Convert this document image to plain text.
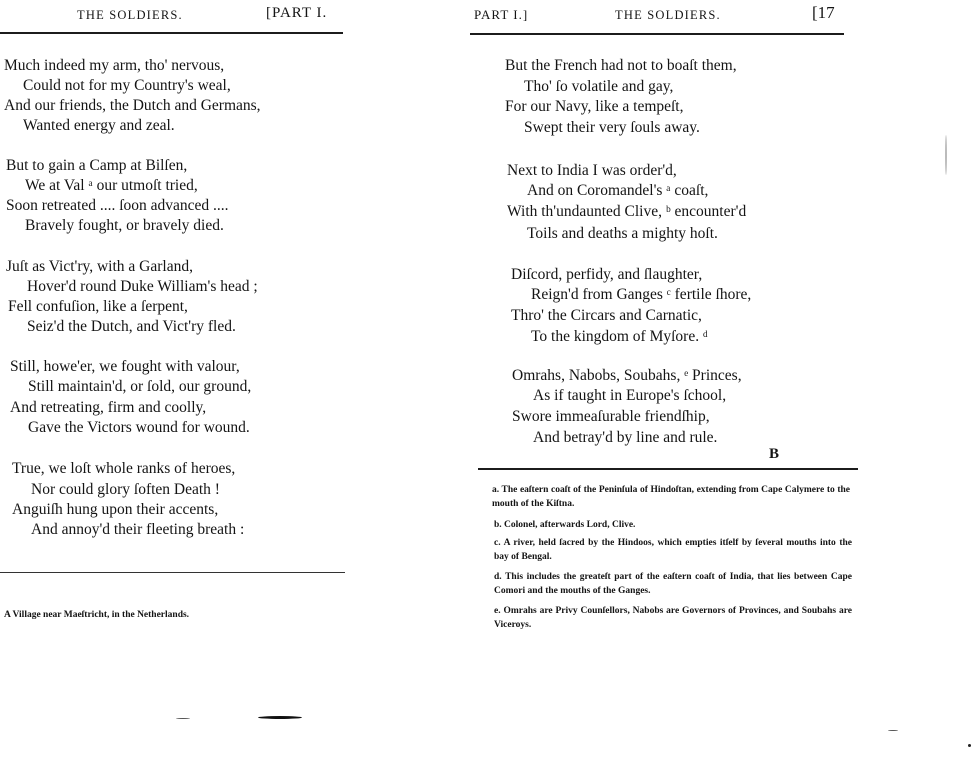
THE SOLDIERS.	[PART I.
Much indeed my arm, tho' nervous,
Could not for my Country's weal,
And our friends, the Dutch and Germans,
Wanted energy and zeal.
But to gain a Camp at Bilſen,
We at Val ᵃ our utmoſt tried,
Soon retreated .... ſoon advanced ....
Bravely fought, or bravely died.
Juſt as Vict'ry, with a Garland,
Hover'd round Duke William's head ;
Fell confuſion, like a ſerpent,
Seiz'd the Dutch, and Vict'ry fled.
Still, howe'er, we fought with valour,
Still maintain'd, or ſold, our ground,
And retreating, firm and coolly,
Gave the Victors wound for wound.
True, we loſt whole ranks of heroes,
Nor could glory ſoften Death !
Anguiſh hung upon their accents,
And annoy'd their fleeting breath :
A Village near Maeſtricht, in the Netherlands.
PART I.]	THE SOLDIERS.	[17
But the French had not to boaſt them,
Tho' ſo volatile and gay,
For our Navy, like a tempeſt,
Swept their very ſouls away.
Next to India I was order'd,
And on Coromandel's ᵃ coaſt,
With th'undaunted Clive, ᵇ encounter'd
Toils and deaths a mighty hoſt.
Diſcord, perfidy, and ſlaughter,
Reign'd from Ganges ᶜ fertile ſhore,
Thro' the Circars and Carnatic,
To the kingdom of Myſore. ᵈ
Omrahs, Nabobs, Soubahs, ᵉ Princes,
As if taught in Europe's ſchool,
Swore immeaſurable friendſhip,
And betray'd by line and rule.
B
a. The eaſtern coaſt of the Peninſula of Hindoſtan, extending from Cape Calymere to the mouth of the Kiſtna.
b. Colonel, afterwards Lord, Clive.
c. A river, held ſacred by the Hindoos, which empties itſelf by ſeveral mouths into the bay of Bengal.
d. This includes the greateſt part of the eaſtern coaſt of India, that lies between Cape Comori and the mouths of the Ganges.
e. Omrahs are Privy Counſellors, Nabobs are Governors of Provinces, and Soubahs are Viceroys.
